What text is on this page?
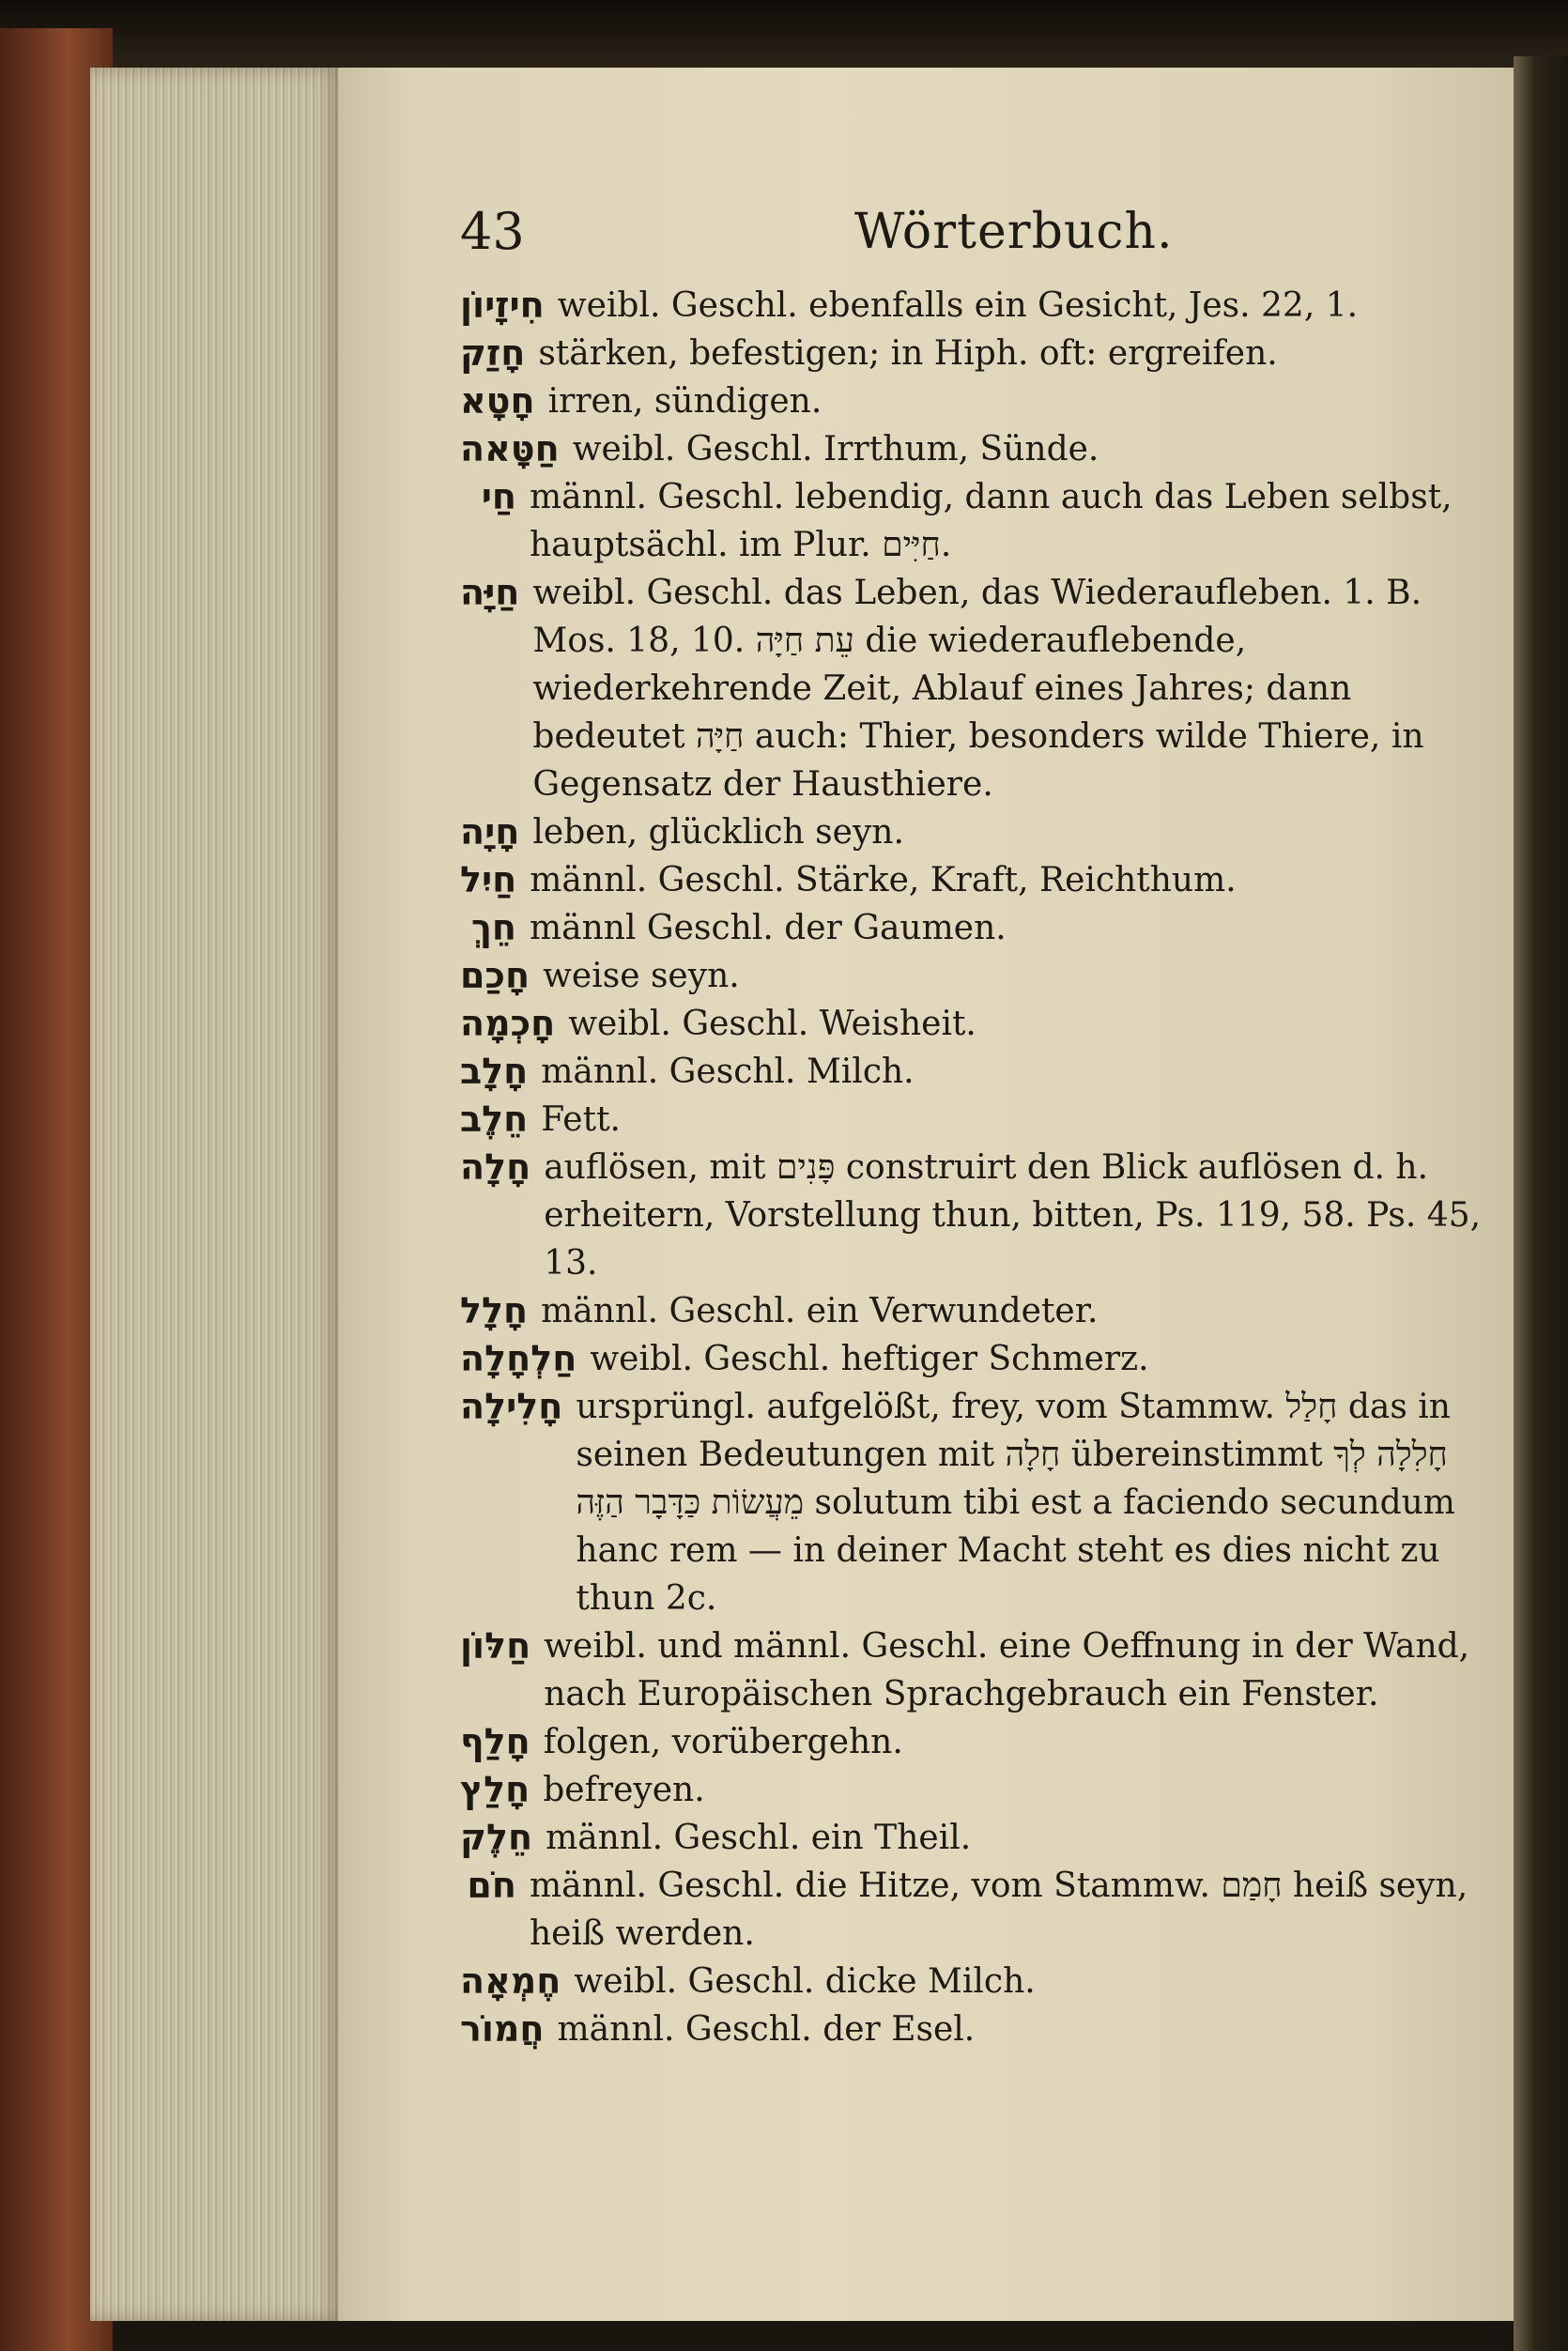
43	Wörterbuch.
חִיזָיוֹן weibl. Geschl. ebenfalls ein Gesicht, Jes. 22, 1.
חָזַק stärken, befestigen; in Hiph. oft: ergreifen.
חָטָא irren, sündigen.
חַטָּאה weibl. Geschl. Irrthum, Sünde.
חַי männl. Geschl. lebendig, dann auch das Leben selbst, hauptsächl. im Plur. חַיִּים.
חַיָּה weibl. Geschl. das Leben, das Wiederaufleben. 1. B. Mos. 18, 10. עֵת חַיָּה die wiederauflebende, wiederkehrende Zeit, Ablauf eines Jahres; dann bedeutet חַיָּה auch: Thier, besonders wilde Thiere, in Gegensatz der Hausthiere.
חָיָה leben, glücklich seyn.
חַיִל männl. Geschl. Stärke, Kraft, Reichthum.
חֵךְ männl Geschl. der Gaumen.
חָכַם weise seyn.
חָכְמָה weibl. Geschl. Weisheit.
חָלָב männl. Geschl. Milch.
חֵלֶב Fett.
חָלָה auflösen, mit פָּנִים construirt den Blick auflösen d. h. erheitern, Vorstellung thun, bitten, Ps. 119, 58. Ps. 45, 13.
חָלָל männl. Geschl. ein Verwundeter.
חַלְחָלָה weibl. Geschl. heftiger Schmerz.
חָלִילָה ursprüngl. aufgelößt, frey, vom Stammw. חָלַל das in seinen Bedeutungen mit חָלָה übereinstimmt חָלִלָה לְךָ מֵעֲשׂוֹת כַּדָּבָר הַזֶּה solutum tibi est a faciendo secundum hanc rem — in deiner Macht steht es dies nicht zu thun 2c.
חַלּוֹן weibl. und männl. Geschl. eine Oeffnung in der Wand, nach Europäischen Sprachgebrauch ein Fenster.
חָלַף folgen, vorübergehn.
חָלַץ befreyen.
חֵלֶק männl. Geschl. ein Theil.
חֹם männl. Geschl. die Hitze, vom Stammw. חָמַם heiß seyn, heiß werden.
חֶמְאָה weibl. Geschl. dicke Milch.
חֲמוֹר männl. Geschl. der Esel.
